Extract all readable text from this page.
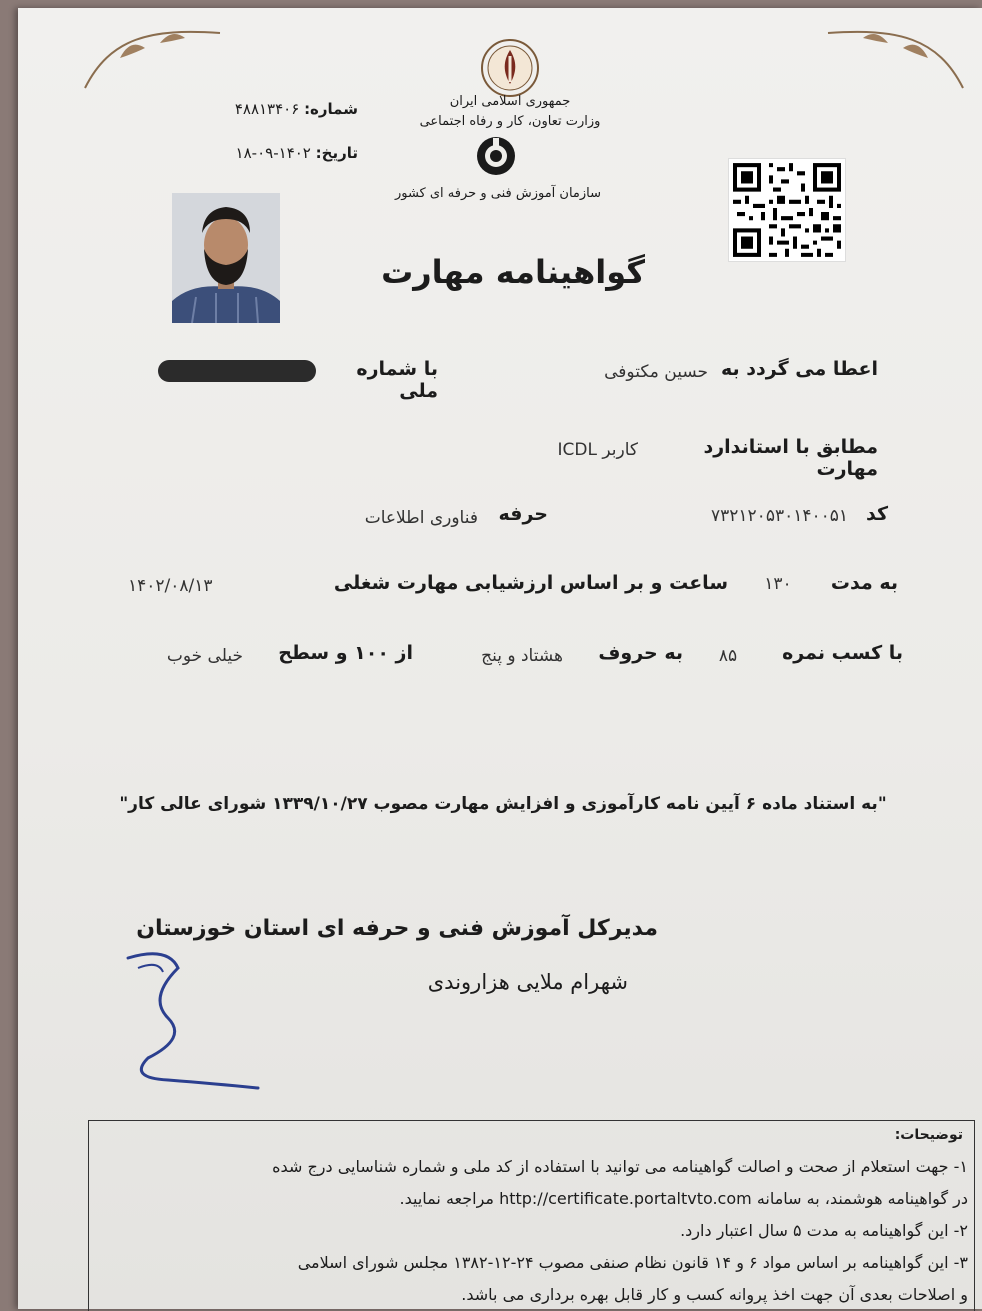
جمهوری اسلامی ایران
وزارت تعاون، کار و رفاه اجتماعی
سازمان آموزش فنی و حرفه ای کشور
شماره: ۴۸۸۱۳۴۰۶
تاریخ: ۱۴۰۲-۰۹-۱۸
گواهینامه مهارت
اعطا می گردد به
حسین مکتوفی
با شماره ملی
مطابق با استاندارد مهارت
کاربر ICDL
کد
۷۳۲۱۲۰۵۳۰۱۴۰۰۵۱
حرفه
فناوری اطلاعات
به مدت
۱۳۰
ساعت و بر اساس ارزشیابی مهارت شغلی
۱۴۰۲/۰۸/۱۳
با کسب نمره
۸۵
به حروف
هشتاد و پنج
از ۱۰۰ و سطح
خیلی خوب
"به استناد ماده ۶ آیین نامه کارآموزی و افزایش مهارت مصوب ۱۳۳۹/۱۰/۲۷ شورای عالی کار"
مدیرکل آموزش فنی و حرفه ای استان خوزستان
شهرام ملایی هزاروندی
توضیحات:
۱- جهت استعلام از صحت و اصالت گواهینامه می توانید با استفاده از کد ملی و شماره شناسایی درج شده
در گواهینامه هوشمند، به سامانه http://certificate.portaltvto.com مراجعه نمایید.
۲- این گواهینامه به مدت ۵ سال اعتبار دارد.
۳- این گواهینامه بر اساس مواد ۶ و ۱۴ قانون نظام صنفی مصوب ۲۴-۱۲-۱۳۸۲ مجلس شورای اسلامی
و اصلاحات بعدی آن جهت اخذ پروانه کسب و کار قابل بهره برداری می باشد.
